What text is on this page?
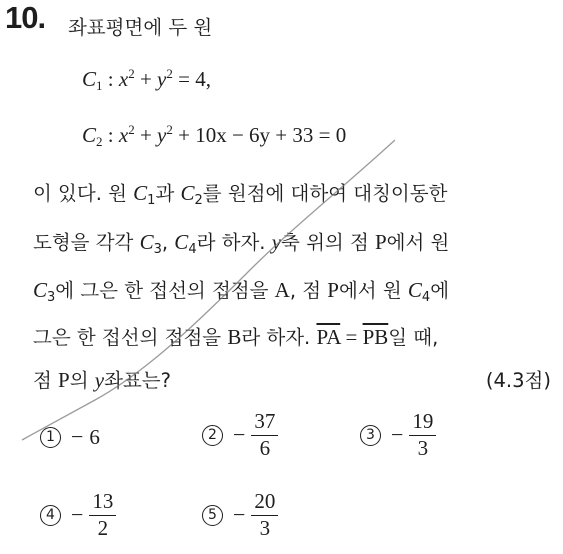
10. 좌표평면에 두 원
$C_1$ : $x^2 + y^2 = 4$,
$C_2$ : $x^2 + y^2 + 10x - 6y + 33 = 0$
이 있다. 원 $C_1$과 $C_2$를 원점에 대하여 대칭이동한
도형을 각각 $C_3$, $C_4$라 하자. y축 위의 점 P에서 원
$C_3$에 그은 한 접선의 접점을 A, 점 P에서 원 $C_4$에
그은 한 접선의 접점을 B라 하자. $\overline{PA} = \overline{PB}$일 때,
점 P의 y좌표는?	(4.3점)
1 − 6	$2 - \frac{37}{6}$	$3 - \frac{19}{3}$
$4 - \frac{13}{2}$	$5 - \frac{20}{3}$
